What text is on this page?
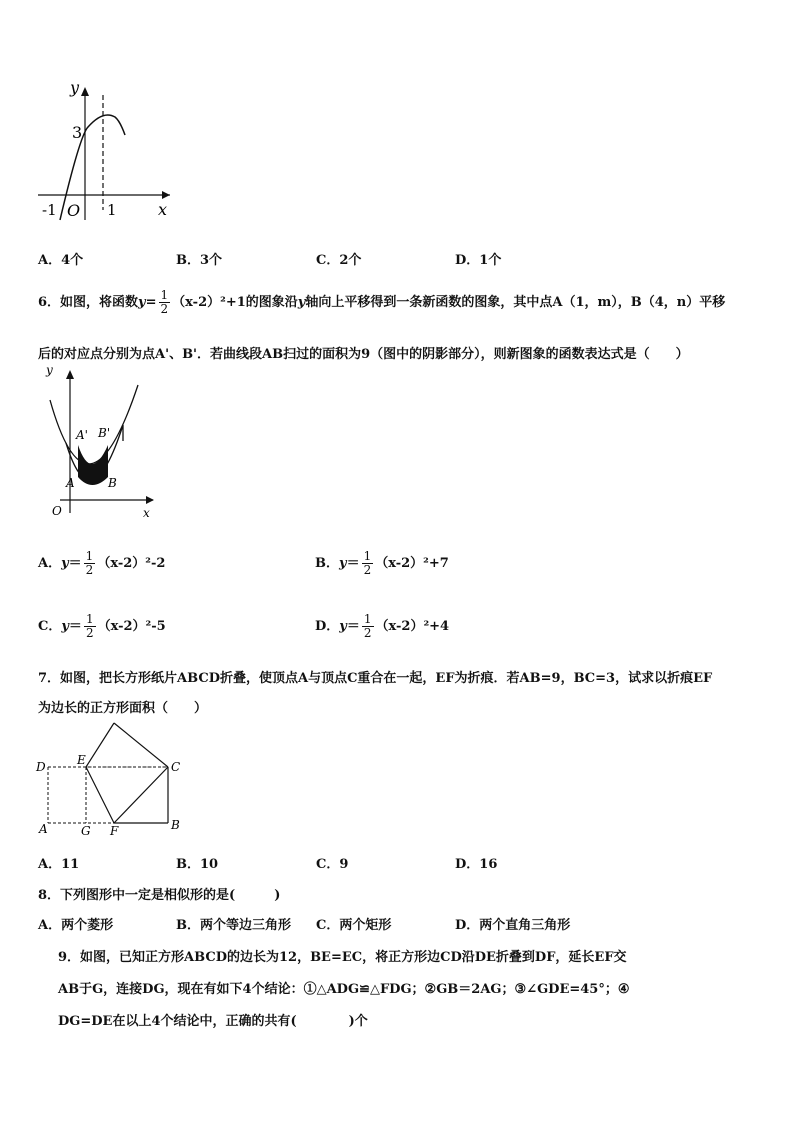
y
x
3
-1 O 1
A．4个	B．3个	C．2个	D．1个
6．如图，将函数$y= \frac{1}{2} (x-2)^2+1$的图象沿y轴向上平移得到一条新函数的图象，其中点A（1，m），B（4，n）平移
后的对应点分别为点A'、B'．若曲线段AB扫过的面积为9（图中的阴影部分），则新图象的函数表达式是（　　）
y
x
O
A	B
A' B'
A．$y= \frac{1}{2} (x-2)^2-2$	B．$y= \frac{1}{2} (x-2)^2+7$
C．$y= \frac{1}{2} (x-2)^2-5$	D．$y= \frac{1}{2} (x-2)^2+4$
7．如图，把长方形纸片ABCD折叠，使顶点A与顶点C重合在一起，EF为折痕．若AB=9，BC=3，试求以折痕EF
为边长的正方形面积（　　）
D	E	C
A	G F	B
A．11	B．10	C．9	D．16
8．下列图形中一定是相似形的是(　　　)
A．两个菱形	B．两个等边三角形 C．两个矩形	D．两个直角三角形
9．如图，已知正方形ABCD的边长为12，BE=EC，将正方形边CD沿DE折叠到DF，延长EF交
AB于G，连接DG，现在有如下4个结论：①△ADG≌△FDG；②GB＝2AG；③∠GDE=45°；④
DG=DE在以上4个结论中，正确的共有(　　　　)个
